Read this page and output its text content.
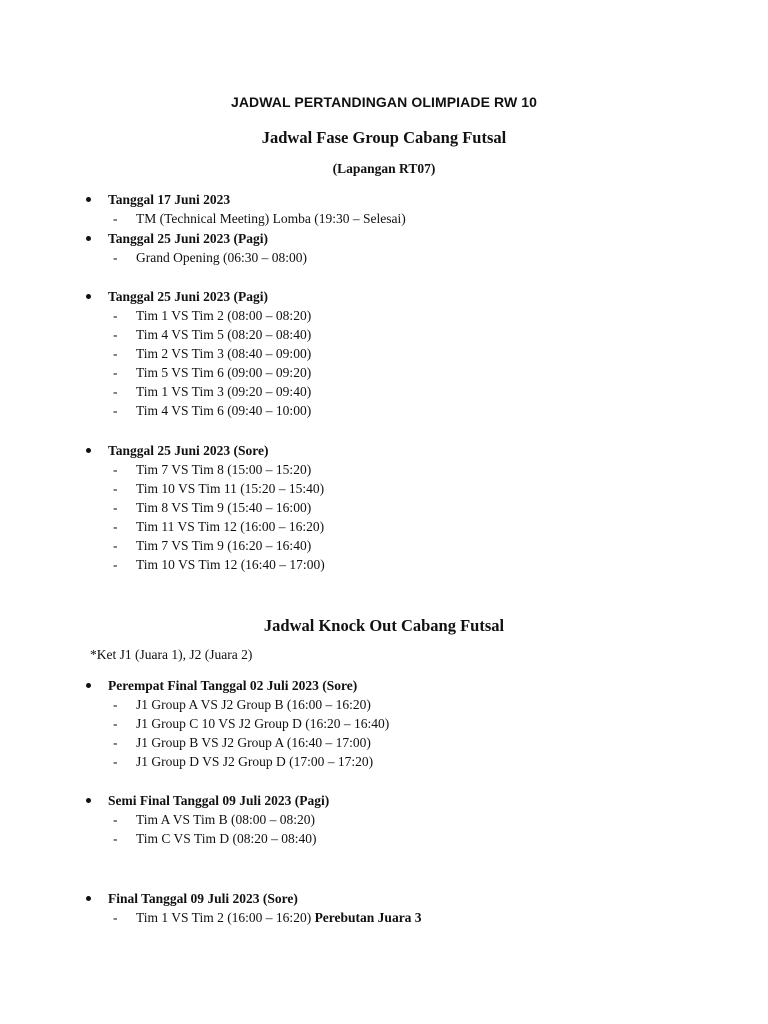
JADWAL PERTANDINGAN OLIMPIADE RW 10
Jadwal Fase Group Cabang Futsal
(Lapangan RT07)
Tanggal 17 Juni 2023
- TM (Technical Meeting) Lomba (19:30 – Selesai)
Tanggal 25 Juni 2023 (Pagi)
- Grand Opening (06:30 – 08:00)
Tanggal 25 Juni 2023 (Pagi)
- Tim 1 VS Tim 2 (08:00 – 08:20)
- Tim 4 VS Tim 5 (08:20 – 08:40)
- Tim 2 VS Tim 3 (08:40 – 09:00)
- Tim 5 VS Tim 6 (09:00 – 09:20)
- Tim 1 VS Tim 3 (09:20 – 09:40)
- Tim 4 VS Tim 6 (09:40 – 10:00)
Tanggal 25 Juni 2023 (Sore)
- Tim 7 VS Tim 8 (15:00 – 15:20)
- Tim 10 VS Tim 11 (15:20 – 15:40)
- Tim 8 VS Tim 9 (15:40 – 16:00)
- Tim 11 VS Tim 12 (16:00 – 16:20)
- Tim 7 VS Tim 9 (16:20 – 16:40)
- Tim 10 VS Tim 12 (16:40 – 17:00)
Jadwal Knock Out Cabang Futsal
*Ket J1 (Juara 1), J2 (Juara 2)
Perempat Final Tanggal 02 Juli 2023 (Sore)
- J1 Group A VS J2 Group B (16:00 – 16:20)
- J1 Group C 10 VS J2 Group D (16:20 – 16:40)
- J1 Group B VS J2 Group A (16:40 – 17:00)
- J1 Group D VS J2 Group D (17:00 – 17:20)
Semi Final Tanggal 09 Juli 2023 (Pagi)
- Tim A VS Tim B (08:00 – 08:20)
- Tim C VS Tim D (08:20 – 08:40)
Final Tanggal 09 Juli 2023 (Sore)
- Tim 1 VS Tim 2 (16:00 – 16:20) Perebutan Juara 3
